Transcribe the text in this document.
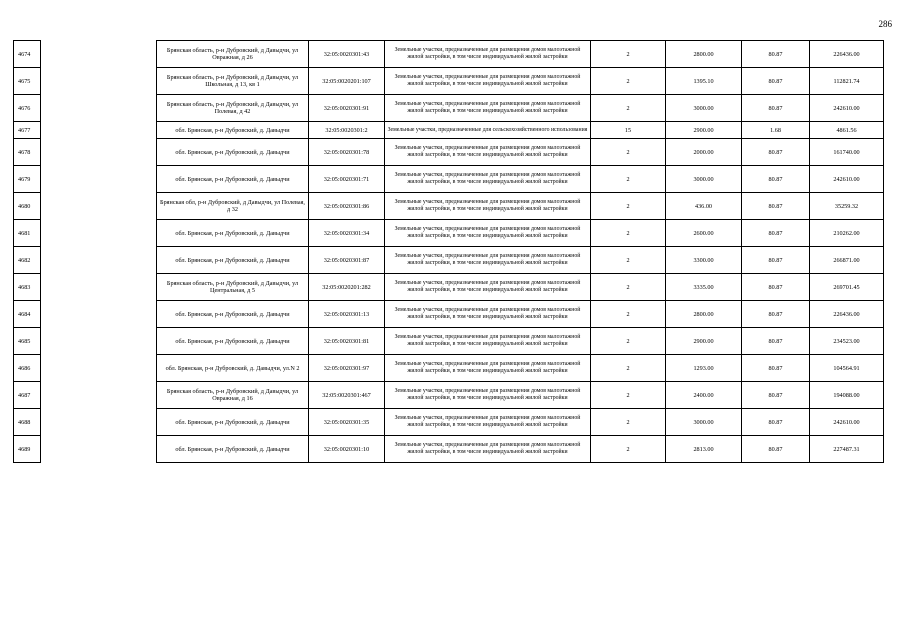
286
4674		Брянская область, р-н Дубровский, д Давыдчи, ул Овражная, д 26	32:05:0020301:43	Земельные участки, предназначенные для размещения домов малоэтажной жилой застройки, в том числе индивидуальной жилой застройки	2	2800.00	80.87	226436.00
4675		Брянская область, р-н Дубровский, д Давыдчи, ул Школьная, д 13, кв 1	32:05:0020201:107	Земельные участки, предназначенные для размещения домов малоэтажной жилой застройки, в том числе индивидуальной жилой застройки	2	1395.10	80.87	112821.74
4676		Брянская область, р-н Дубровский, д Давыдчи, ул Полевая, д 42	32:05:0020301:91	Земельные участки, предназначенные для размещения домов малоэтажной жилой застройки, в том числе индивидуальной жилой застройки	2	3000.00	80.87	242610.00
4677		обл. Брянская, р-н Дубровский, д. Давыдчи	32:05:0020301:2	Земельные участки, предназначенные для сельскохозяйственного использования	15	2900.00	1.68	4861.56
4678		обл. Брянская, р-н Дубровский, д. Давыдчи	32:05:0020301:78	Земельные участки, предназначенные для размещения домов малоэтажной жилой застройки, в том числе индивидуальной жилой застройки	2	2000.00	80.87	161740.00
4679		обл. Брянская, р-н Дубровский, д. Давыдчи	32:05:0020301:71	Земельные участки, предназначенные для размещения домов малоэтажной жилой застройки, в том числе индивидуальной жилой застройки	2	3000.00	80.87	242610.00
4680		Брянская обл, р-н Дубровский, д Давыдчи, ул Полевая, д 32	32:05:0020301:86	Земельные участки, предназначенные для размещения домов малоэтажной жилой застройки, в том числе индивидуальной жилой застройки	2	436.00	80.87	35259.32
4681		обл. Брянская, р-н Дубровский, д. Давыдчи	32:05:0020301:34	Земельные участки, предназначенные для размещения домов малоэтажной жилой застройки, в том числе индивидуальной жилой застройки	2	2600.00	80.87	210262.00
4682		обл. Брянская, р-н Дубровский, д. Давыдчи	32:05:0020301:87	Земельные участки, предназначенные для размещения домов малоэтажной жилой застройки, в том числе индивидуальной жилой застройки	2	3300.00	80.87	266871.00
4683		Брянская область, р-н Дубровский, д Давыдчи, ул Центральная, д 5	32:05:0020201:282	Земельные участки, предназначенные для размещения домов малоэтажной жилой застройки, в том числе индивидуальной жилой застройки	2	3335.00	80.87	269701.45
4684		обл. Брянская, р-н Дубровский, д. Давыдчи	32:05:0020301:13	Земельные участки, предназначенные для размещения домов малоэтажной жилой застройки, в том числе индивидуальной жилой застройки	2	2800.00	80.87	226436.00
4685		обл. Брянская, р-н Дубровский, д. Давыдчи	32:05:0020301:81	Земельные участки, предназначенные для размещения домов малоэтажной жилой застройки, в том числе индивидуальной жилой застройки	2	2900.00	80.87	234523.00
4686		обл. Брянская, р-н Дубровский, д. Давыдчи, ул.N 2	32:05:0020301:97	Земельные участки, предназначенные для размещения домов малоэтажной жилой застройки, в том числе индивидуальной жилой застройки	2	1293.00	80.87	104564.91
4687		Брянская область, р-н Дубровский, д Давыдчи, ул Овражная, д 16	32:05:0020301:467	Земельные участки, предназначенные для размещения домов малоэтажной жилой застройки, в том числе индивидуальной жилой застройки	2	2400.00	80.87	194088.00
4688		обл. Брянская, р-н Дубровский, д. Давыдчи	32:05:0020301:35	Земельные участки, предназначенные для размещения домов малоэтажной жилой застройки, в том числе индивидуальной жилой застройки	2	3000.00	80.87	242610.00
4689		обл. Брянская, р-н Дубровский, д. Давыдчи	32:05:0020301:10	Земельные участки, предназначенные для размещения домов малоэтажной жилой застройки, в том числе индивидуальной жилой застройки	2	2813.00	80.87	227487.31
